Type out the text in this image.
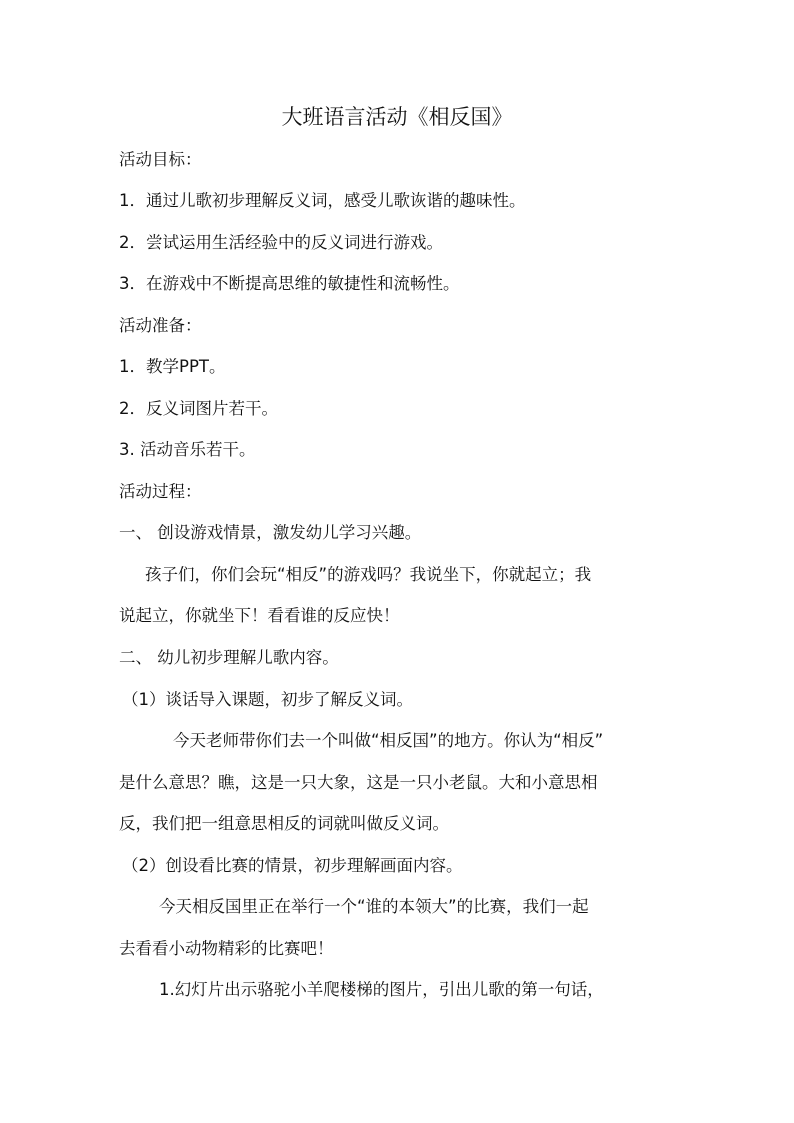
大班语言活动《相反国》
活动目标：
1．通过儿歌初步理解反义词，感受儿歌诙谐的趣味性。
2．尝试运用生活经验中的反义词进行游戏。
3．在游戏中不断提高思维的敏捷性和流畅性。
活动准备：
1．教学PPT。
2．反义词图片若干。
3. 活动音乐若干。
活动过程：
一、 创设游戏情景，激发幼儿学习兴趣。
孩子们，你们会玩“相反”的游戏吗？我说坐下，你就起立；我
说起立，你就坐下！看看谁的反应快！
二、 幼儿初步理解儿歌内容。
（1）谈话导入课题，初步了解反义词。
今天老师带你们去一个叫做“相反国”的地方。你认为“相反”
是什么意思？瞧，这是一只大象，这是一只小老鼠。大和小意思相
反，我们把一组意思相反的词就叫做反义词。
（2）创设看比赛的情景，初步理解画面内容。
今天相反国里正在举行一个“谁的本领大”的比赛，我们一起
去看看小动物精彩的比赛吧！
1.幻灯片出示骆驼小羊爬楼梯的图片，引出儿歌的第一句话，
